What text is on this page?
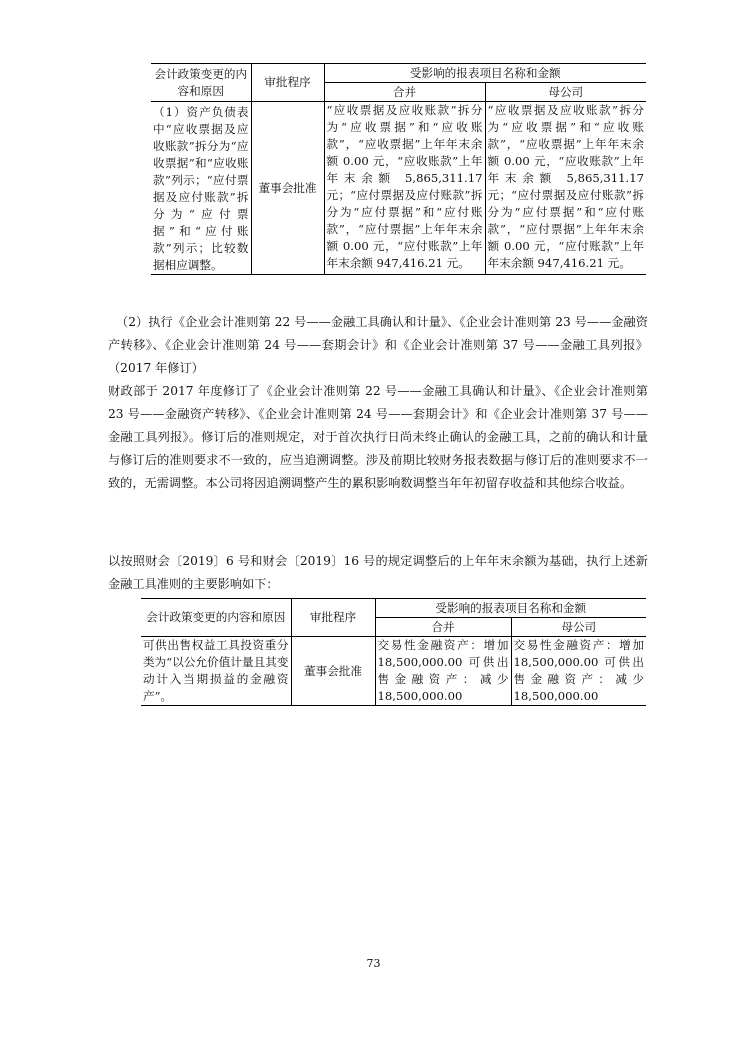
会计政策变更的内容和原因	审批程序	受影响的报表项目名称和金额	
		合并	母公司
（1）资产负债表中“应收票据及应收账款”拆分为“应收票据”和“应收账款”列示；“应付票据及应付账款”拆分为“应付票据”和“应付账款”列示；比较数据相应调整。	董事会批准	“应收票据及应收账款”拆分为“应收票据”和“应收账款”，“应收票据”上年年末余额 0.00 元，“应收账款”上年年末余额 5,865,311.17 元；“应付票据及应付账款”拆分为“应付票据”和“应付账款”，“应付票据”上年年末余额 0.00 元，“应付账款”上年年末余额 947,416.21 元。	“应收票据及应收账款”拆分为“应收票据”和“应收账款”，“应收票据”上年年末余额 0.00 元，“应收账款”上年年末余额 5,865,311.17 元；“应付票据及应付账款”拆分为“应付票据”和“应付账款”，“应付票据”上年年末余额 0.00 元，“应付账款”上年年末余额 947,416.21 元。
（2）执行《企业会计准则第 22 号——金融工具确认和计量》、《企业会计准则第 23 号——金融资产转移》、《企业会计准则第 24 号——套期会计》和《企业会计准则第 37 号——金融工具列报》（2017 年修订）
财政部于 2017 年度修订了《企业会计准则第 22 号——金融工具确认和计量》、《企业会计准则第 23 号——金融资产转移》、《企业会计准则第 24 号——套期会计》和《企业会计准则第 37 号——金融工具列报》。修订后的准则规定，对于首次执行日尚未终止确认的金融工具，之前的确认和计量与修订后的准则要求不一致的，应当追溯调整。涉及前期比较财务报表数据与修订后的准则要求不一致的，无需调整。本公司将因追溯调整产生的累积影响数调整当年年初留存收益和其他综合收益。
以按照财会〔2019〕6 号和财会〔2019〕16 号的规定调整后的上年年末余额为基础，执行上述新金融工具准则的主要影响如下：
会计政策变更的内容和原因	审批程序	受影响的报表项目名称和金额	
		合并	母公司
可供出售权益工具投资重分类为“以公允价值计量且其变动计入当期损益的金融资产”。	董事会批准	交易性金融资产：增加 18,500,000.00 可供出售金融资产：减少 18,500,000.00	交易性金融资产：增加 18,500,000.00 可供出售金融资产：减少 18,500,000.00
73
